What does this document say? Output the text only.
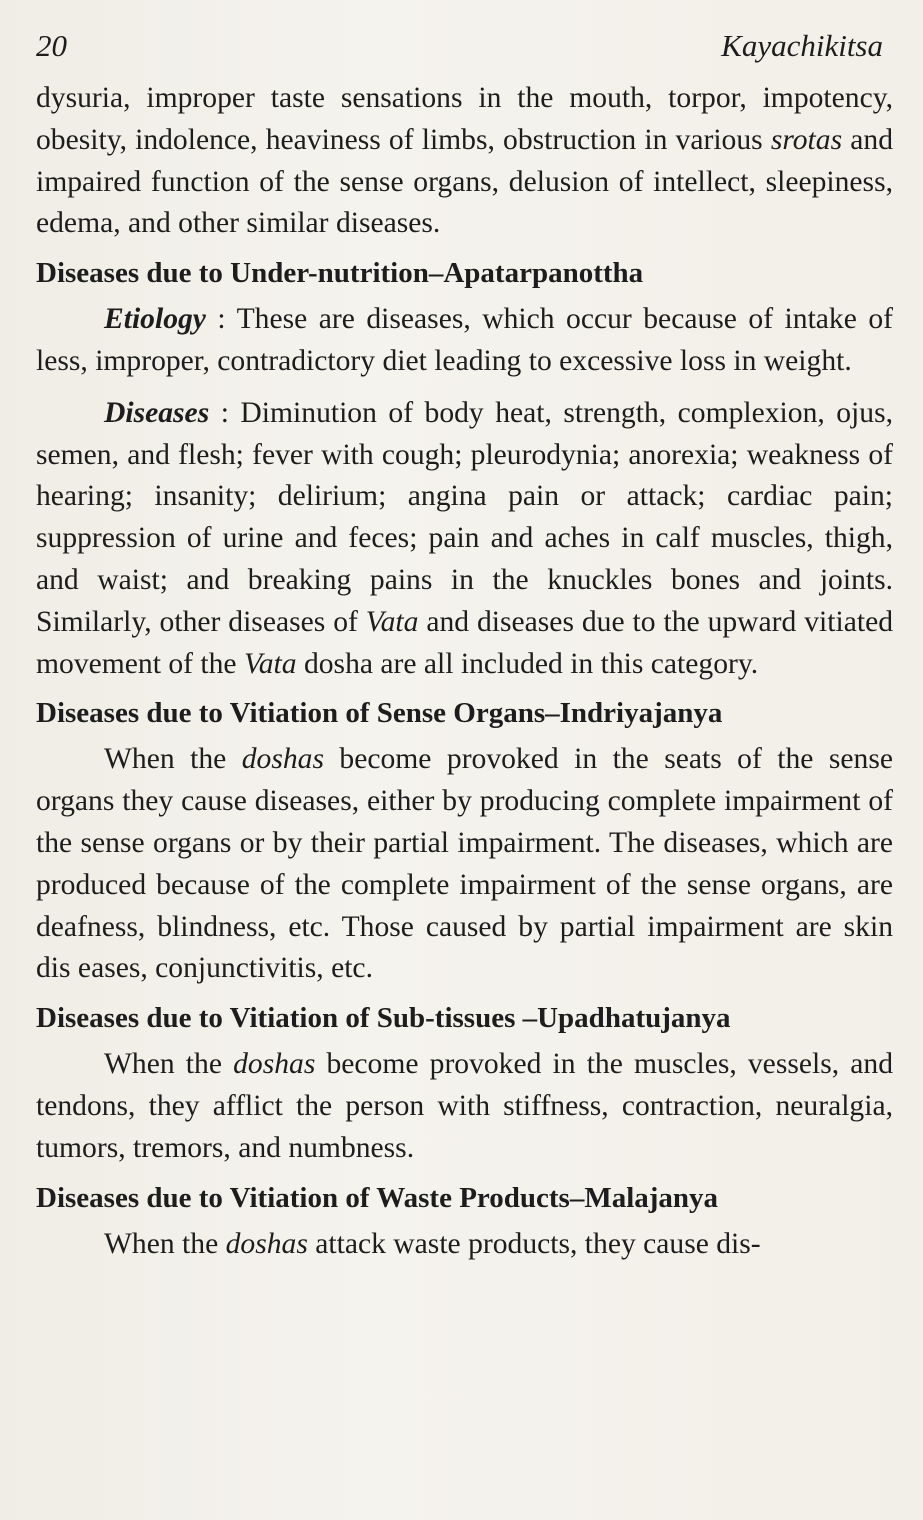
20	Kayachikitsa

dysuria, improper taste sensations in the mouth, torpor, impotency, obesity, indolence, heaviness of limbs, obstruction in various srotas and impaired function of the sense organs, delusion of intellect, sleepiness, edema, and other similar diseases.

Diseases due to Under-nutrition–Apatarpanottha

Etiology : These are diseases, which occur because of intake of less, improper, contradictory diet leading to excessive loss in weight.

Diseases : Diminution of body heat, strength, complexion, ojus, semen, and flesh; fever with cough; pleurodynia; anorexia; weakness of hearing; insanity; delirium; angina pain or attack; cardiac pain; suppression of urine and feces; pain and aches in calf muscles, thigh, and waist; and breaking pains in the knuckles bones and joints. Similarly, other diseases of Vata and diseases due to the upward vitiated movement of the Vata dosha are all included in this category.

Diseases due to Vitiation of Sense Organs–Indriyajanya

When the doshas become provoked in the seats of the sense organs they cause diseases, either by producing complete impairment of the sense organs or by their partial impairment. The diseases, which are produced because of the complete impairment of the sense organs, are deafness, blindness, etc. Those caused by partial impairment are skin dis eases, conjunctivitis, etc.

Diseases due to Vitiation of Sub-tissues –Upadhatujanya

When the doshas become provoked in the muscles, vessels, and tendons, they afflict the person with stiffness, contraction, neuralgia, tumors, tremors, and numbness.

Diseases due to Vitiation of Waste Products–Malajanya

When the doshas attack waste products, they cause dis-
